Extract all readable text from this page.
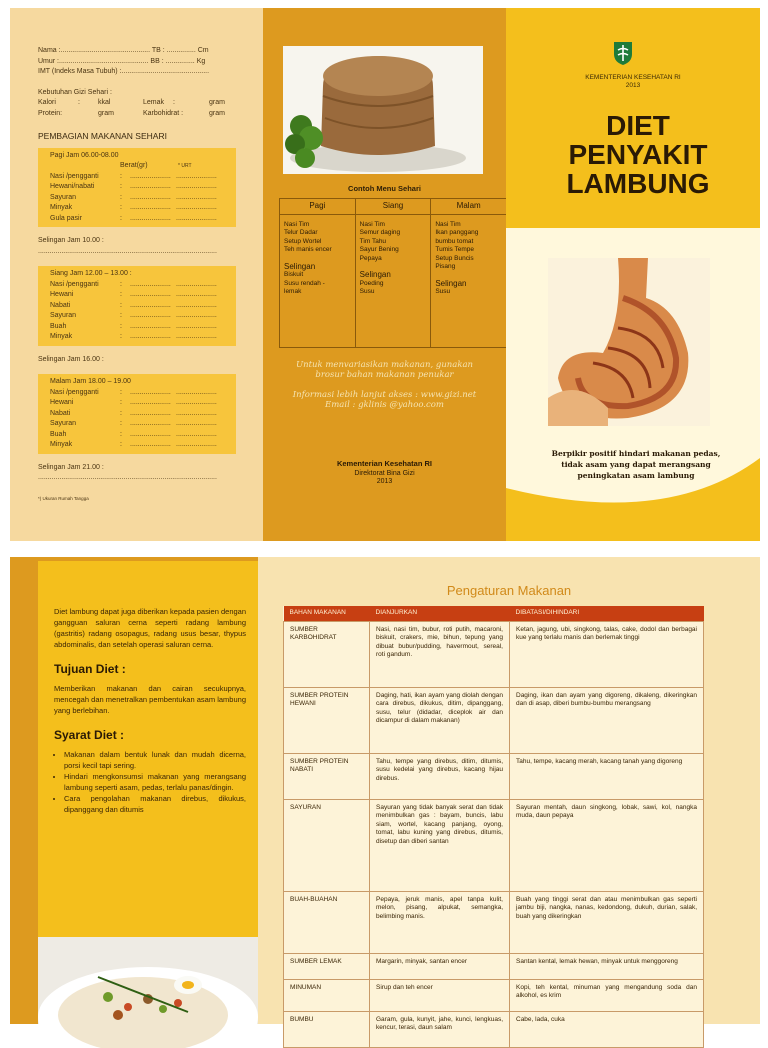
Nama :.............................................. TB : ............... Cm
Umur :.............................................. BB : ............... Kg
IMT (Indeks Masa Tubuh) :.............................................
Kebutuhan Gizi Sehari :
Kalori	:	kkal	Lemak	:	gram
Protein:	gram	Karbohidrat :	gram
PEMBAGIAN MAKANAN SEHARI
Pagi Jam 06.00-08.00
Berat(gr)	* URT
Nasi /pengganti	:	..................... .....................
Hewani/nabati	:	..................... .....................
Sayuran	:	..................... .....................
Minyak	:	..................... .....................
Gula pasir	:	..................... .....................
Selingan Jam 10.00 :
............................................................................................
Siang Jam 12.00 – 13.00 :
Nasi /pengganti	:	..................... .....................
Hewani	:	..................... .....................
Nabati	:	..................... .....................
Sayuran	:	..................... .....................
Buah	:	..................... .....................
Minyak	:	..................... .....................
Selingan Jam 16.00 :
Malam Jam 18.00 – 19.00
Nasi /pengganti	:	..................... .....................
Hewani	:	..................... .....................
Nabati	:	..................... .....................
Sayuran	:	..................... .....................
Buah	:	..................... .....................
Minyak	:	..................... .....................
Selingan Jam 21.00 :
............................................................................................
*) Ukuran Rumah Tangga
Contoh Menu Sehari
Pagi
Nasi Tim
Telur Dadar
Setup Wortel
Teh manis encer
Selingan
Biskuit
Susu rendah -
lemak
Siang
Nasi Tim
Semur daging
Tim Tahu
Sayur Bening
Pepaya
Selingan
Poeding
Susu
Malam
Nasi Tim
Ikan panggang
bumbu tomat
Tumis Tempe
Setup Buncis
Pisang
Selingan
Susu
Untuk menvariasikan makanan, gunakan
brosur bahan makanan penukar
Informasi lebih lanjut akses : www.gizi.net
Email : gklinis @yahoo.com
Kementerian Kesehatan RI
Direktorat Bina Gizi
2013
KEMENTERIAN KESEHATAN RI
2013
DIET
PENYAKIT
LAMBUNG
Berpikir positif hindari makanan pedas,
tidak asam yang dapat merangsang
peningkatan asam lambung

Diet lambung dapat juga diberikan kepada pasien dengan gangguan saluran cerna seperti radang lambung (gastritis) radang osopagus, radang usus besar, thypus abdominalis, dan setelah operasi saluran cerna.

Tujuan Diet :

Memberikan makanan dan cairan secukupnya, mencegah dan menetralkan pembentukan asam lambung yang berlebihan.

Syarat Diet :
• Makanan dalam bentuk lunak dan mudah dicerna, porsi kecil tapi sering.
• Hindari mengkonsumsi makanan yang merangsang lambung seperti asam, pedas, terlalu panas/dingin.
• Cara pengolahan makanan direbus, dikukus, dipanggang dan ditumis
Pengaturan Makanan
BAHAN MAKANAN	DIANJURKAN	DIBATASI/DIHINDARI
SUMBER KARBOHIDRAT	Nasi, nasi tim, bubur, roti putih, macaroni, biskuit, crakers, mie, bihun, tepung yang dibuat bubur/pudding, havermout, sereal, roti gandum.	Ketan, jagung, ubi, singkong, talas, cake, dodol dan berbagai kue yang terlalu manis dan berlemak tinggi
SUMBER PROTEIN HEWANI	Daging, hati, ikan ayam yang diolah dengan cara direbus, dikukus, ditim, dipanggang, susu, telur (didadar, diceplok air dan dicampur di dalam makanan)	Daging, ikan dan ayam yang digoreng, dikaleng, dikeringkan dan di asap, diberi bumbu-bumbu merangsang
SUMBER PROTEIN NABATI	Tahu, tempe yang direbus, ditim, ditumis, susu kedelai yang direbus, kacang hijau direbus.	Tahu, tempe, kacang merah, kacang tanah yang digoreng
SAYURAN	Sayuran yang tidak banyak serat dan tidak menimbulkan gas : bayam, buncis, labu siam, wortel, kacang panjang, oyong, tomat, labu kuning yang direbus, ditumis, disetup dan diberi santan	Sayuran mentah, daun singkong, lobak, sawi, kol, nangka muda, daun pepaya
BUAH-BUAHAN	Pepaya, jeruk manis, apel tanpa kulit, melon, pisang, alpukat, semangka, belimbing manis.	Buah yang tinggi serat dan atau menimbulkan gas seperti jambu biji, nangka, nanas, kedondong, dukuh, durian, salak, buah yang dikeringkan
SUMBER LEMAK	Margarin, minyak, santan encer	Santan kental, lemak hewan, minyak untuk menggoreng
MINUMAN	Sirup dan teh encer	Kopi, teh kental, minuman yang mengandung soda dan alkohol, es krim
BUMBU	Garam, gula, kunyit, jahe, kunci, lengkuas, kencur, terasi, daun salam	Cabe, lada, cuka
